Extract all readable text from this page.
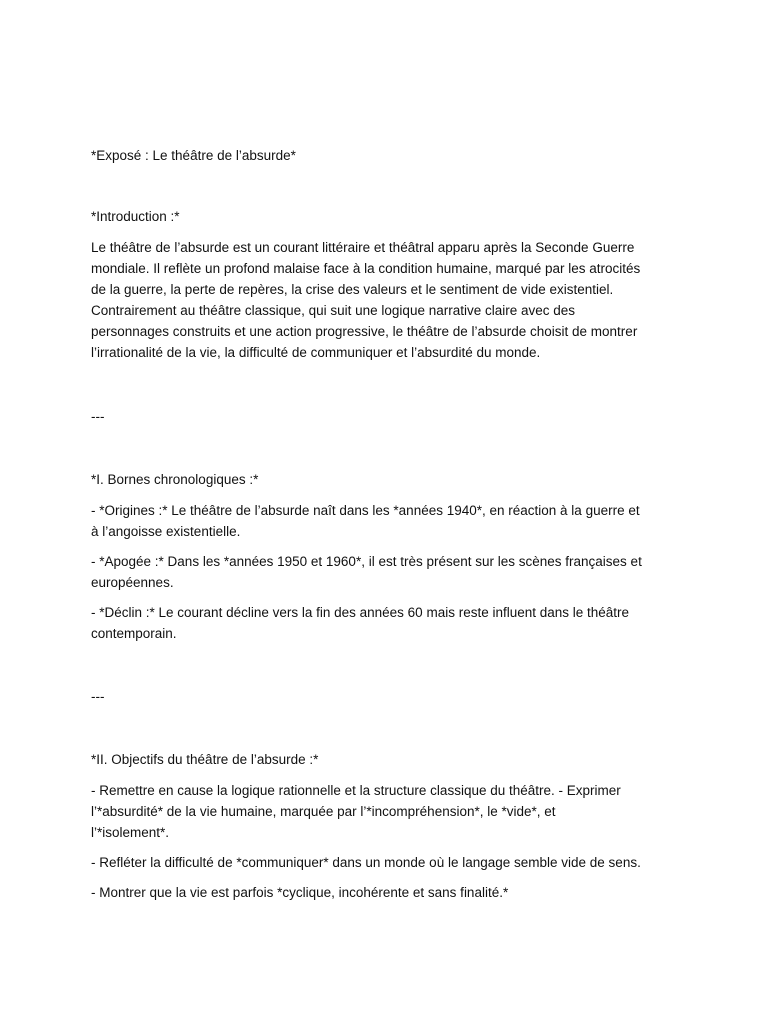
*Exposé : Le théâtre de l’absurde*

*Introduction :*

Le théâtre de l’absurde est un courant littéraire et théâtral apparu après la Seconde Guerre
mondiale. Il reflète un profond malaise face à la condition humaine, marqué par les atrocités
de la guerre, la perte de repères, la crise des valeurs et le sentiment de vide existentiel.
Contrairement au théâtre classique, qui suit une logique narrative claire avec des
personnages construits et une action progressive, le théâtre de l’absurde choisit de montrer
l’irrationalité de la vie, la difficulté de communiquer et l’absurdité du monde.

---

*I. Bornes chronologiques :*

- *Origines :* Le théâtre de l’absurde naît dans les *années 1940*, en réaction à la guerre et
à l’angoisse existentielle.

- *Apogée :* Dans les *années 1950 et 1960*, il est très présent sur les scènes françaises et
européennes.

- *Déclin :* Le courant décline vers la fin des années 60 mais reste influent dans le théâtre
contemporain.

---

*II. Objectifs du théâtre de l’absurde :*

- Remettre en cause la logique rationnelle et la structure classique du théâtre. - Exprimer
l’*absurdité* de la vie humaine, marquée par l’*incompréhension*, le *vide*, et
l’*isolement*.

- Refléter la difficulté de *communiquer* dans un monde où le langage semble vide de sens.

- Montrer que la vie est parfois *cyclique, incohérente et sans finalité.*
